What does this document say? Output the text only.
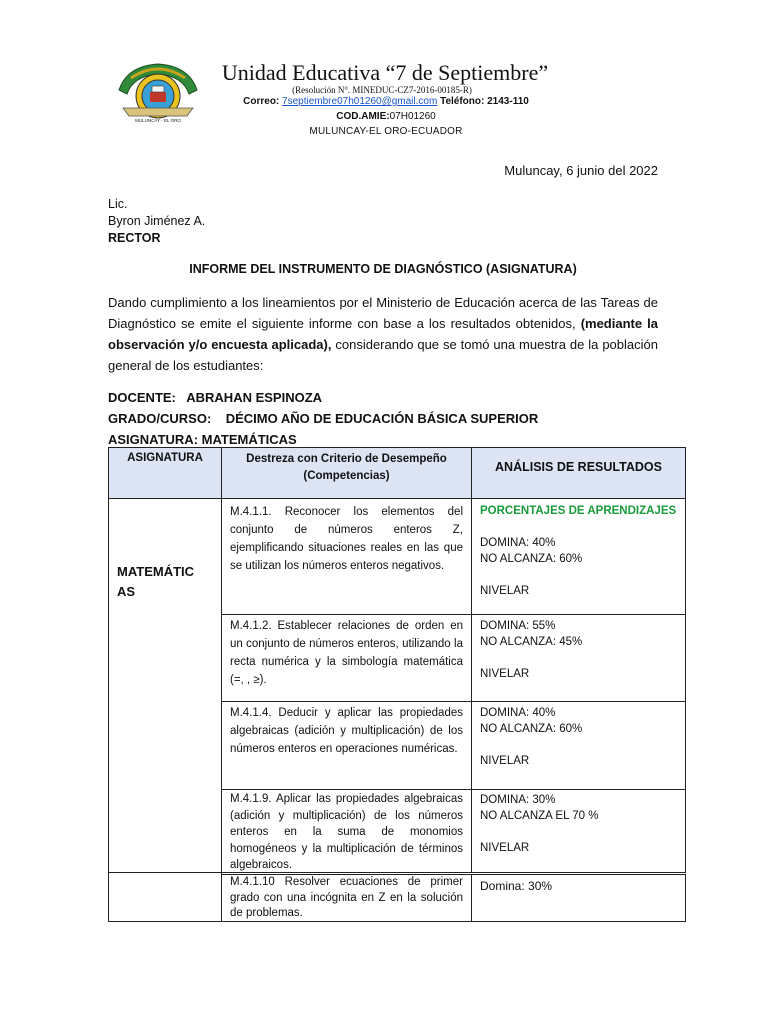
MULUNCAY - EL ORO
Unidad Educativa “7 de Septiembre”
(Resolución N°. MINEDUC-CZ7-2016-00185-R)
Correo: 7septiembre07h01260@gmail.com Teléfono: 2143-110
COD.AMIE:07H01260
MULUNCAY-EL ORO-ECUADOR
Muluncay, 6 junio del 2022
Lic.
Byron Jiménez A.
RECTOR
INFORME DEL INSTRUMENTO DE DIAGNÓSTICO (ASIGNATURA)
Dando cumplimiento a los lineamientos por el Ministerio de Educación acerca de las Tareas de Diagnóstico se emite el siguiente informe con base a los resultados obtenidos, (mediante la observación y/o encuesta aplicada), considerando que se tomó una muestra de la población general de los estudiantes:
DOCENTE: ABRAHAN ESPINOZA
GRADO/CURSO: DÉCIMO AÑO DE EDUCACIÓN BÁSICA SUPERIOR
ASIGNATURA: MATEMÁTICAS
ASIGNATURA	Destreza con Criterio de Desempeño (Competencias)
ANÁLISIS DE RESULTADOS
MATEMÁTICAS
M.4.1.1. Reconocer los elementos del conjunto de números enteros Z, ejemplificando situaciones reales en las que se utilizan los números enteros negativos.
PORCENTAJES DE APRENDIZAJES
DOMINA: 40%
NO ALCANZA: 60%
NIVELAR
M.4.1.2. Establecer relaciones de orden en un conjunto de números enteros, utilizando la recta numérica y la simbología matemática (=, , ≥).
DOMINA: 55%
NO ALCANZA: 45%
NIVELAR
M.4.1.4. Deducir y aplicar las propiedades algebraicas (adición y multiplicación) de los números enteros en operaciones numéricas.
DOMINA: 40%
NO ALCANZA: 60%
NIVELAR
M.4.1.9. Aplicar las propiedades algebraicas (adición y multiplicación) de los números enteros en la suma de monomios homogéneos y la multiplicación de términos algebraicos.
DOMINA: 30%
NO ALCANZA EL 70 %
NIVELAR
M.4.1.10 Resolver ecuaciones de primer grado con una incógnita en Z en la solución de problemas.
Domina: 30%
